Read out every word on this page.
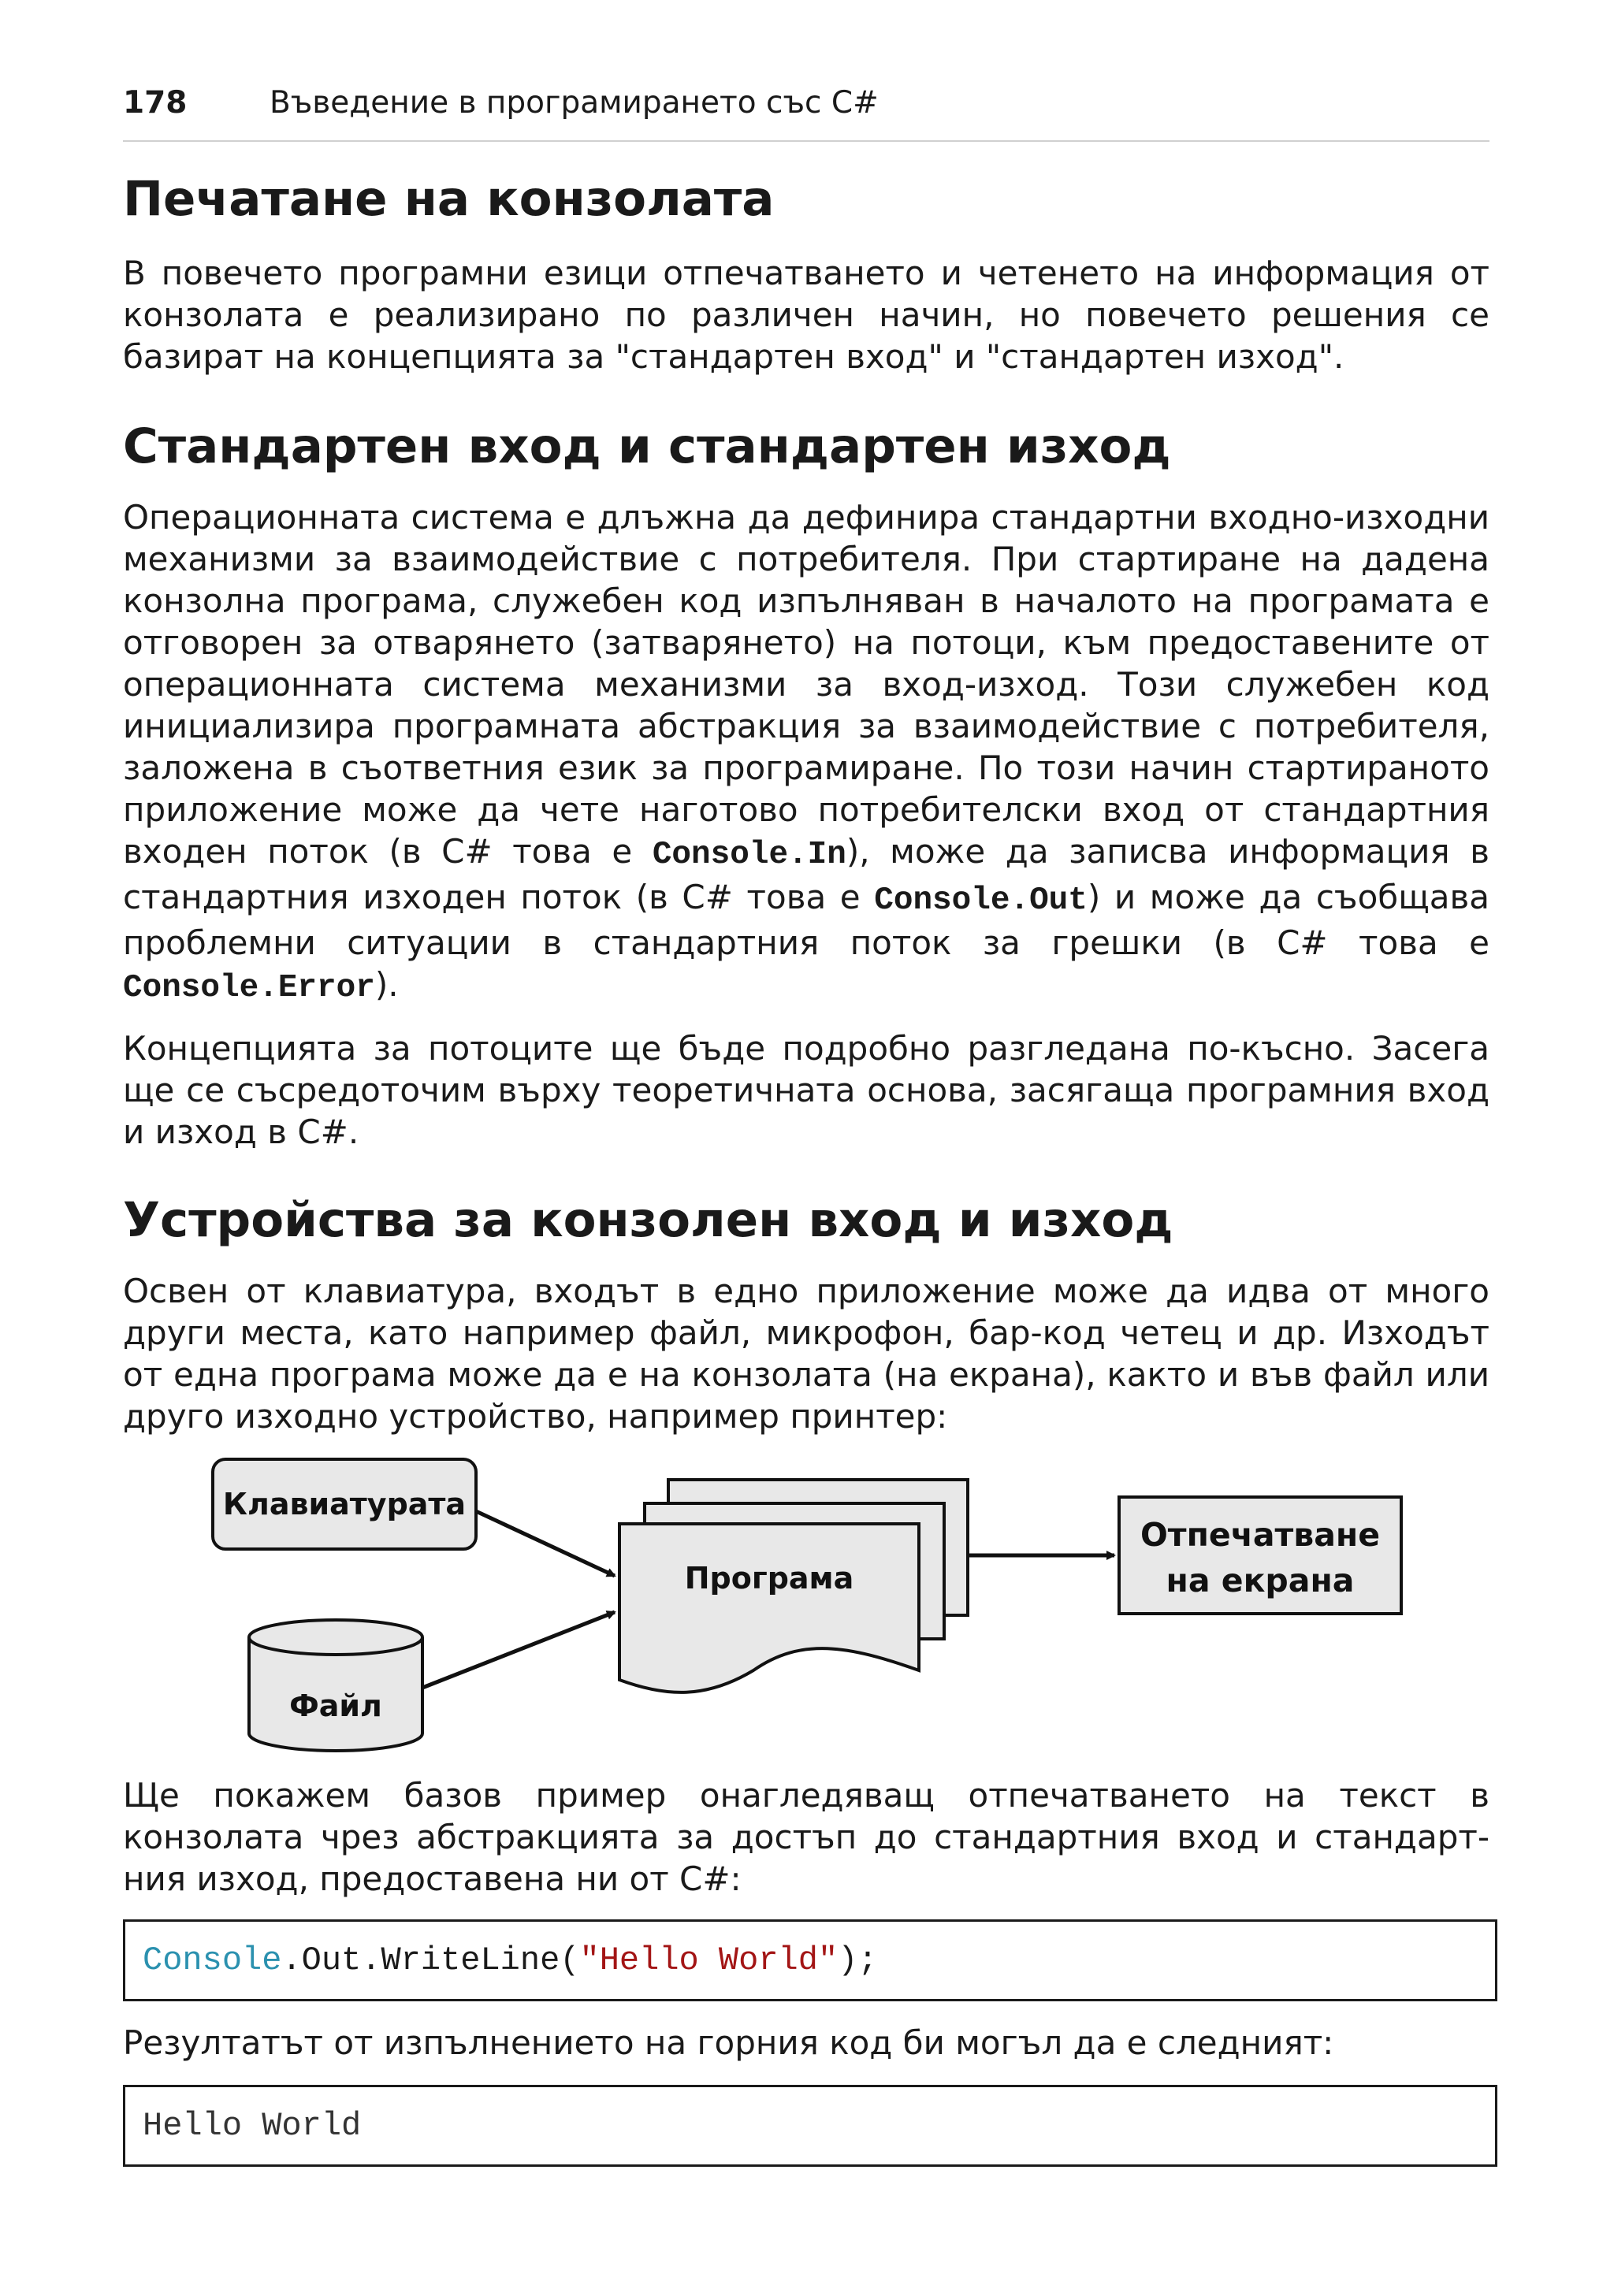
178	Въведение в програмирането със C#
Печатане на конзолата

В повечето програмни езици отпечатването и четенето на информация от конзолата е реализирано по различен начин, но повечето решения се базират на концепцията за "стандартен вход" и "стандартен изход".

Стандартен вход и стандартен изход

Операционната система е длъжна да дефинира стандартни входно-изходни механизми за взаимодействие с потребителя. При стартиране на дадена конзолна програма, служебен код изпълняван в началото на програмата е отговорен за отварянето (затварянето) на потоци, към предоставените от операционната система механизми за вход-изход. Този служебен код инициализира програмната абстракция за взаимодействие с потребителя, заложена в съответния език за програмиране. По този начин стартираното приложение може да чете наготово потребителски вход от стандартния входен поток (в C# това е Console.In), може да записва информация в стандартния изходен поток (в C# това е Console.Out) и може да съобщава проблемни ситуации в стандартния поток за грешки (в C# това е Console.Error).

Концепцията за потоците ще бъде подробно разгледана по-късно. Засега ще се съсредоточим върху теоретичната основа, засягаща програмния вход и изход в C#.

Устройства за конзолен вход и изход

Освен от клавиатура, входът в едно приложение може да идва от много други места, като например файл, микрофон, бар-код четец и др. Изходът от една програма може да е на конзолата (на екрана), както и във файл или друго изходно устройство, например принтер:

Ще покажем базов пример онагледяващ отпечатването на текст в конзолата чрез абстракцията за достъп до стандартния вход и стандарт-ния изход, предоставена ни от C#:

Console .Out.WriteLine( "Hello World" );

Резултатът от изпълнението на горния код би могъл да е следният:

Hello World
Клавиатурата
Файл
Програма
Отпечатване
на екрана
